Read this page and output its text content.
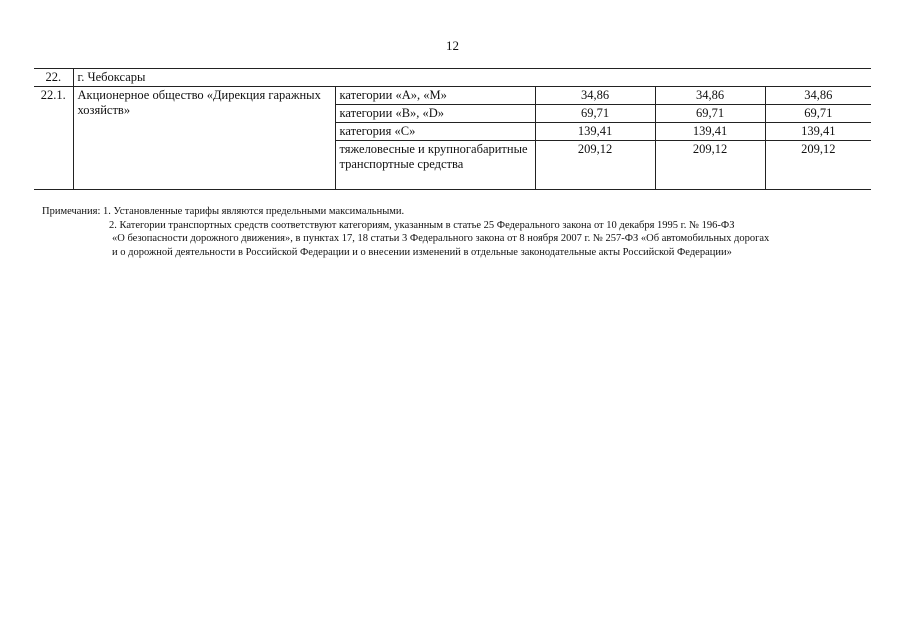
12
22.	г. Чебоксары				
22.1.	Акционерное общество «Дирекция гаражных хозяйств»	категории «А», «М»	34,86	34,86	34,86
		категории «В», «D»	69,71	69,71	69,71
		категория «С»	139,41	139,41	139,41
		тяжеловесные и крупногабаритные транспортные средства	209,12	209,12	209,12
Примечания: 1. Установленные тарифы являются предельными максимальными.
2. Категории транспортных средств соответствуют категориям, указанным в статье 25 Федерального закона от 10 декабря 1995 г. № 196-ФЗ
«О безопасности дорожного движения», в пунктах 17, 18 статьи 3 Федерального закона от 8 ноября 2007 г. № 257-ФЗ «Об автомобильных дорогах
и о дорожной деятельности в Российской Федерации и о внесении изменений в отдельные законодательные акты Российской Федерации»
